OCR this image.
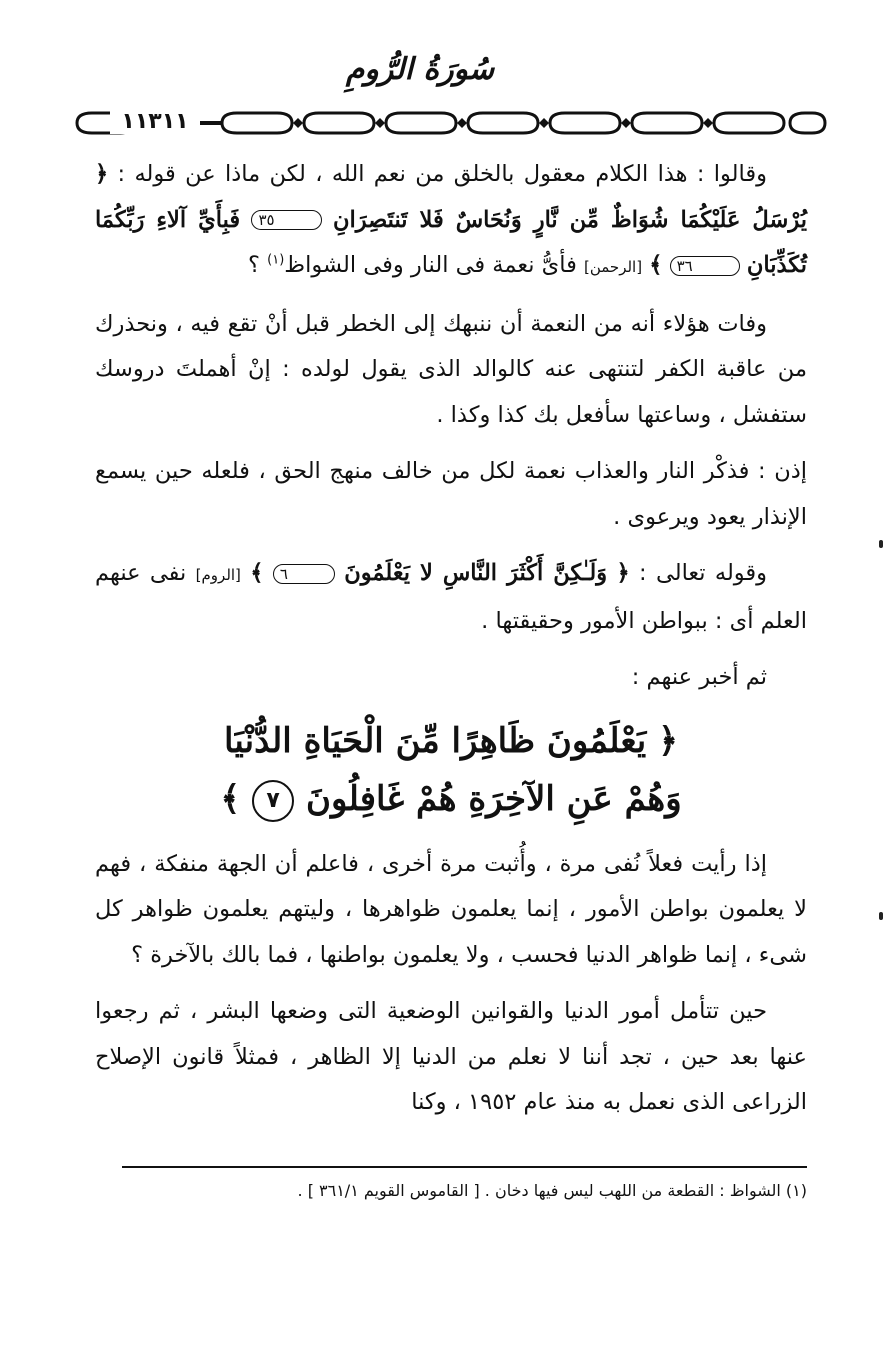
سُورَةُ الرُّومِ
١١٣١١

وقالوا : هذا الكلام معقول بالخلق من نعم الله ، لكن ماذا عن قوله : ﴿ يُرْسَلُ عَلَيْكُمَا شُوَاظٌ مِّن نَّارٍ وَنُحَاسٌ فَلا تَنتَصِرَانِ ٣٥ فَبِأَيِّ آلاءِ رَبِّكُمَا تُكَذِّبَانِ ٣٦ ﴾ [الرحمن] فأىُّ نعمة فى النار وفى الشواظ$^{(١)}$ ؟

وفات هؤلاء أنه من النعمة أن ننبهك إلى الخطر قبل أنْ تقع فيه ، ونحذرك من عاقبة الكفر لتنتهى عنه كالوالد الذى يقول لولده : إنْ أهملتَ دروسك ستفشل ، وساعتها سأفعل بك كذا وكذا .

إذن : فذكْر النار والعذاب نعمة لكل من خالف منهج الحق ، فلعله حين يسمع الإنذار يعود ويرعوى .

وقوله تعالى : ﴿ وَلَـٰكِنَّ أَكْثَرَ النَّاسِ لا يَعْلَمُونَ ٦ ﴾ [الروم] نفى عنهم العلم أى : ببواطن الأمور وحقيقتها .

ثم أخبر عنهم :

﴿ يَعْلَمُونَ ظَاهِرًا مِّنَ الْحَيَاةِ الدُّنْيَا
وَهُمْ عَنِ الآخِرَةِ هُمْ غَافِلُونَ ٧ ﴾

إذا رأيت فعلاً نُفى مرة ، وأُثبت مرة أخرى ، فاعلم أن الجهة منفكة ، فهم لا يعلمون بواطن الأمور ، إنما يعلمون ظواهرها ، وليتهم يعلمون ظواهر كل شىء ، إنما ظواهر الدنيا فحسب ، ولا يعلمون بواطنها ، فما بالك بالآخرة ؟

حين تتأمل أمور الدنيا والقوانين الوضعية التى وضعها البشر ، ثم رجعوا عنها بعد حين ، تجد أننا لا نعلم من الدنيا إلا الظاهر ، فمثلاً قانون الإصلاح الزراعى الذى نعمل به منذ عام ١٩٥٢ ، وكنا

(١) الشواظ : القطعة من اللهب ليس فيها دخان . [ القاموس القويم ٣٦١/١ ] .
